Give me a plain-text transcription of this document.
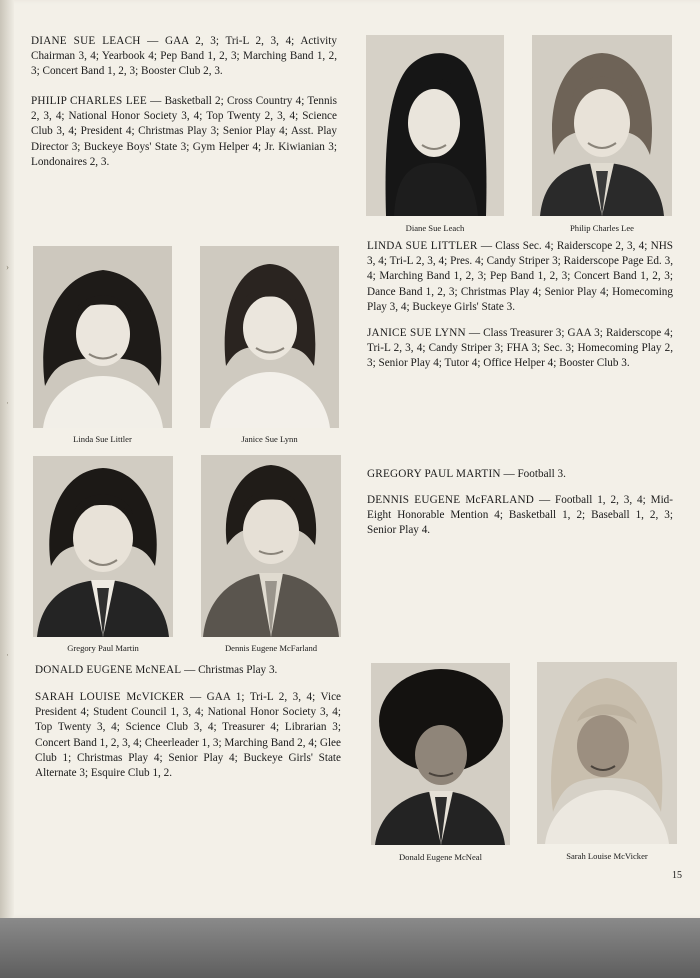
›
·
·
DIANE SUE LEACH — GAA 2, 3; Tri-L 2, 3, 4; Activity Chairman 3, 4; Yearbook 4; Pep Band 1, 2, 3; Marching Band 1, 2, 3; Concert Band 1, 2, 3; Booster Club 2, 3.
PHILIP CHARLES LEE — Basketball 2; Cross Country 4; Tennis 2, 3, 4; National Honor Society 3, 4; Top Twenty 2, 3, 4; Science Club 3, 4; President 4; Christmas Play 3; Senior Play 4; Asst. Play Director 3; Buckeye Boys' State 3; Gym Helper 4; Jr. Kiwianian 3; Londonaires 2, 3.
LINDA SUE LITTLER — Class Sec. 4; Raiderscope 2, 3, 4; NHS 3, 4; Tri-L 2, 3, 4; Pres. 4; Candy Striper 3; Raiderscope Page Ed. 3, 4; Marching Band 1, 2, 3; Pep Band 1, 2, 3; Concert Band 1, 2, 3; Dance Band 1, 2, 3; Christmas Play 4; Senior Play 4; Homecoming Play 3, 4; Buckeye Girls' State 3.
JANICE SUE LYNN — Class Treasurer 3; GAA 3; Raiderscope 4; Tri-L 2, 3, 4; Candy Striper 3; FHA 3; Sec. 3; Homecoming Play 2, 3; Senior Play 4; Tutor 4; Office Helper 4; Booster Club 3.
GREGORY PAUL MARTIN — Football 3.
DENNIS EUGENE McFARLAND — Football 1, 2, 3, 4; Mid-Eight Honorable Mention 4; Basketball 1, 2; Baseball 1, 2, 3; Senior Play 4.
DONALD EUGENE McNEAL — Christmas Play 3.
SARAH LOUISE McVICKER — GAA 1; Tri-L 2, 3, 4; Vice President 4; Student Council 1, 3, 4; National Honor Society 3, 4; Top Twenty 3, 4; Science Club 3, 4; Treasurer 4; Librarian 3; Concert Band 1, 2, 3, 4; Cheerleader 1, 3; Marching Band 2, 4; Glee Club 1; Christmas Play 4; Senior Play 4; Buckeye Girls' State Alternate 3; Esquire Club 1, 2.
Diane Sue Leach	Philip Charles Lee
Linda Sue Littler	Janice Sue Lynn
Gregory Paul Martin	Dennis Eugene McFarland
Donald Eugene McNeal	Sarah Louise McVicker
15
